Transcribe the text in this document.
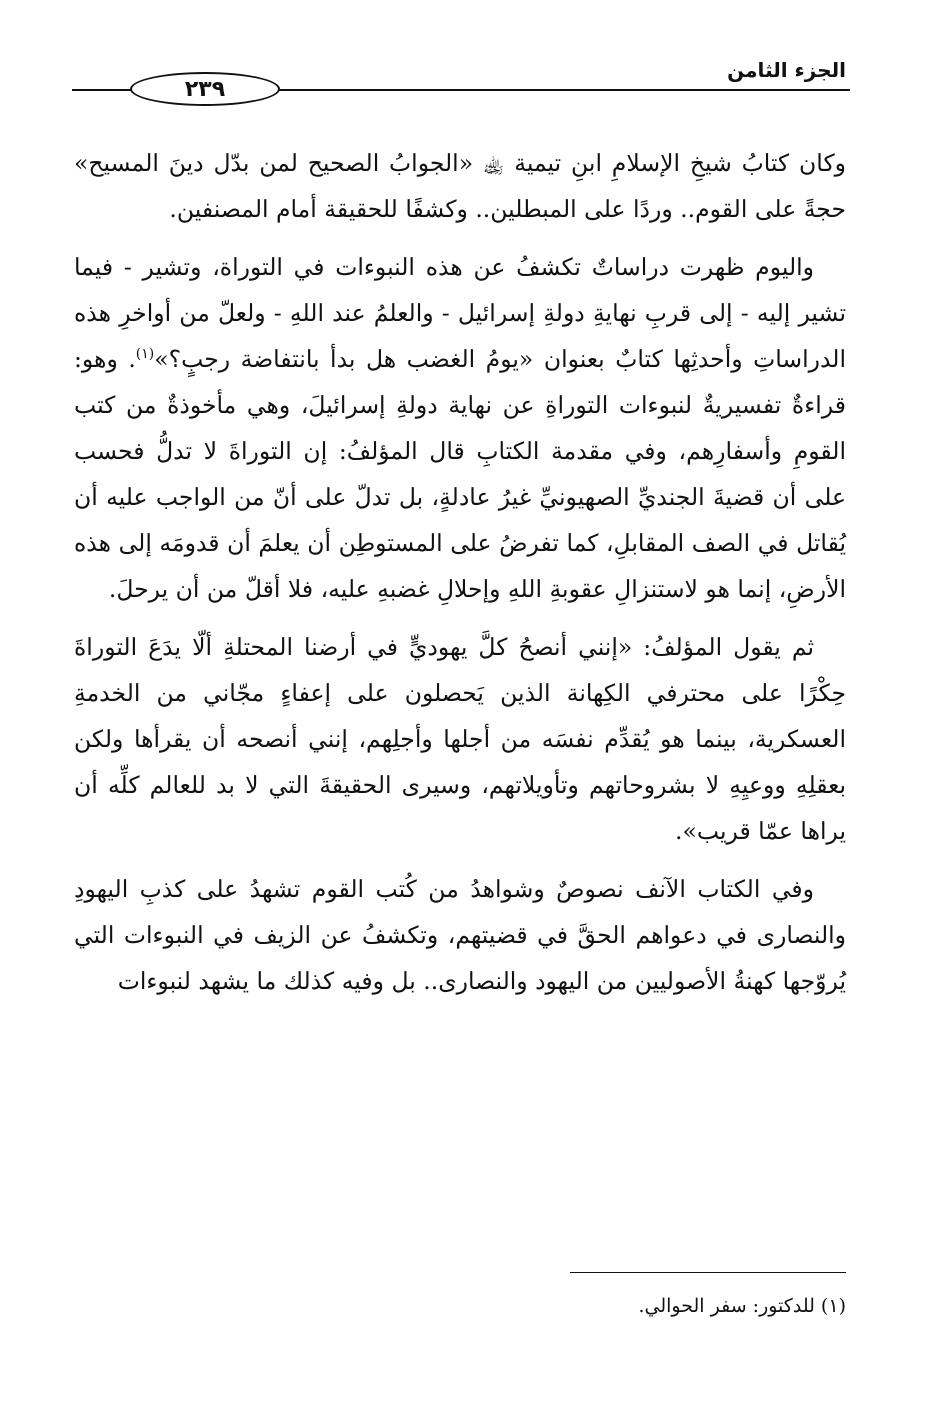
٢٣٩
الجزء الثامن

وكان كتابُ شيخِ الإسلامِ ابنِ تيمية ﵀ «الجوابُ الصحيح لمن بدّل دينَ المسيح» حجةً على القوم.. وردًا على المبطلين.. وكشفًا للحقيقة أمام المصنفين.

واليوم ظهرت دراساتٌ تكشفُ عن هذه النبوءات في التوراة، وتشير - فيما تشير إليه - إلى قربِ نهايةِ دولةِ إسرائيل - والعلمُ عند اللهِ - ولعلّ من أواخرِ هذه الدراساتِ وأحدثِها كتابٌ بعنوان «يومُ الغضب هل بدأ بانتفاضة رجبٍ؟»$^{(١)}$. وهو: قراءةٌ تفسيريةٌ لنبوءات التوراةِ عن نهاية دولةِ إسرائيلَ، وهي مأخوذةٌ من كتب القومِ وأسفارِهم، وفي مقدمة الكتابِ قال المؤلفُ: إن التوراةَ لا تدلُّ فحسب على أن قضيةَ الجنديِّ الصهيونيِّ غيرُ عادلةٍ، بل تدلّ على أنّ من الواجب عليه أن يُقاتل في الصف المقابلِ، كما تفرضُ على المستوطِن أن يعلمَ أن قدومَه إلى هذه الأرضِ، إنما هو لاستنزالِ عقوبةِ اللهِ وإحلالِ غضبهِ عليه، فلا أقلّ من أن يرحلَ.

ثم يقول المؤلفُ: «إنني أنصحُ كلَّ يهوديٍّ في أرضنا المحتلةِ ألّا يدَعَ التوراةَ حِكْرًا على محترفي الكِهانة الذين يَحصلون على إعفاءٍ مجّاني من الخدمةِ العسكرية، بينما هو يُقدِّم نفسَه من أجلها وأجلِهم، إنني أنصحه أن يقرأها ولكن بعقلِهِ ووعيِهِ لا بشروحاتهم وتأويلاتهم، وسيرى الحقيقةَ التي لا بد للعالم كلِّه أن يراها عمّا قريب».

وفي الكتاب الآنف نصوصٌ وشواهدُ من كُتب القوم تشهدُ على كذبِ اليهودِ والنصارى في دعواهم الحقَّ في قضيتهم، وتكشفُ عن الزيف في النبوءات التي يُروّجها كهنةُ الأصوليين من اليهود والنصارى.. بل وفيه كذلك ما يشهد لنبوءات

(١) للدكتور: سفر الحوالي.
